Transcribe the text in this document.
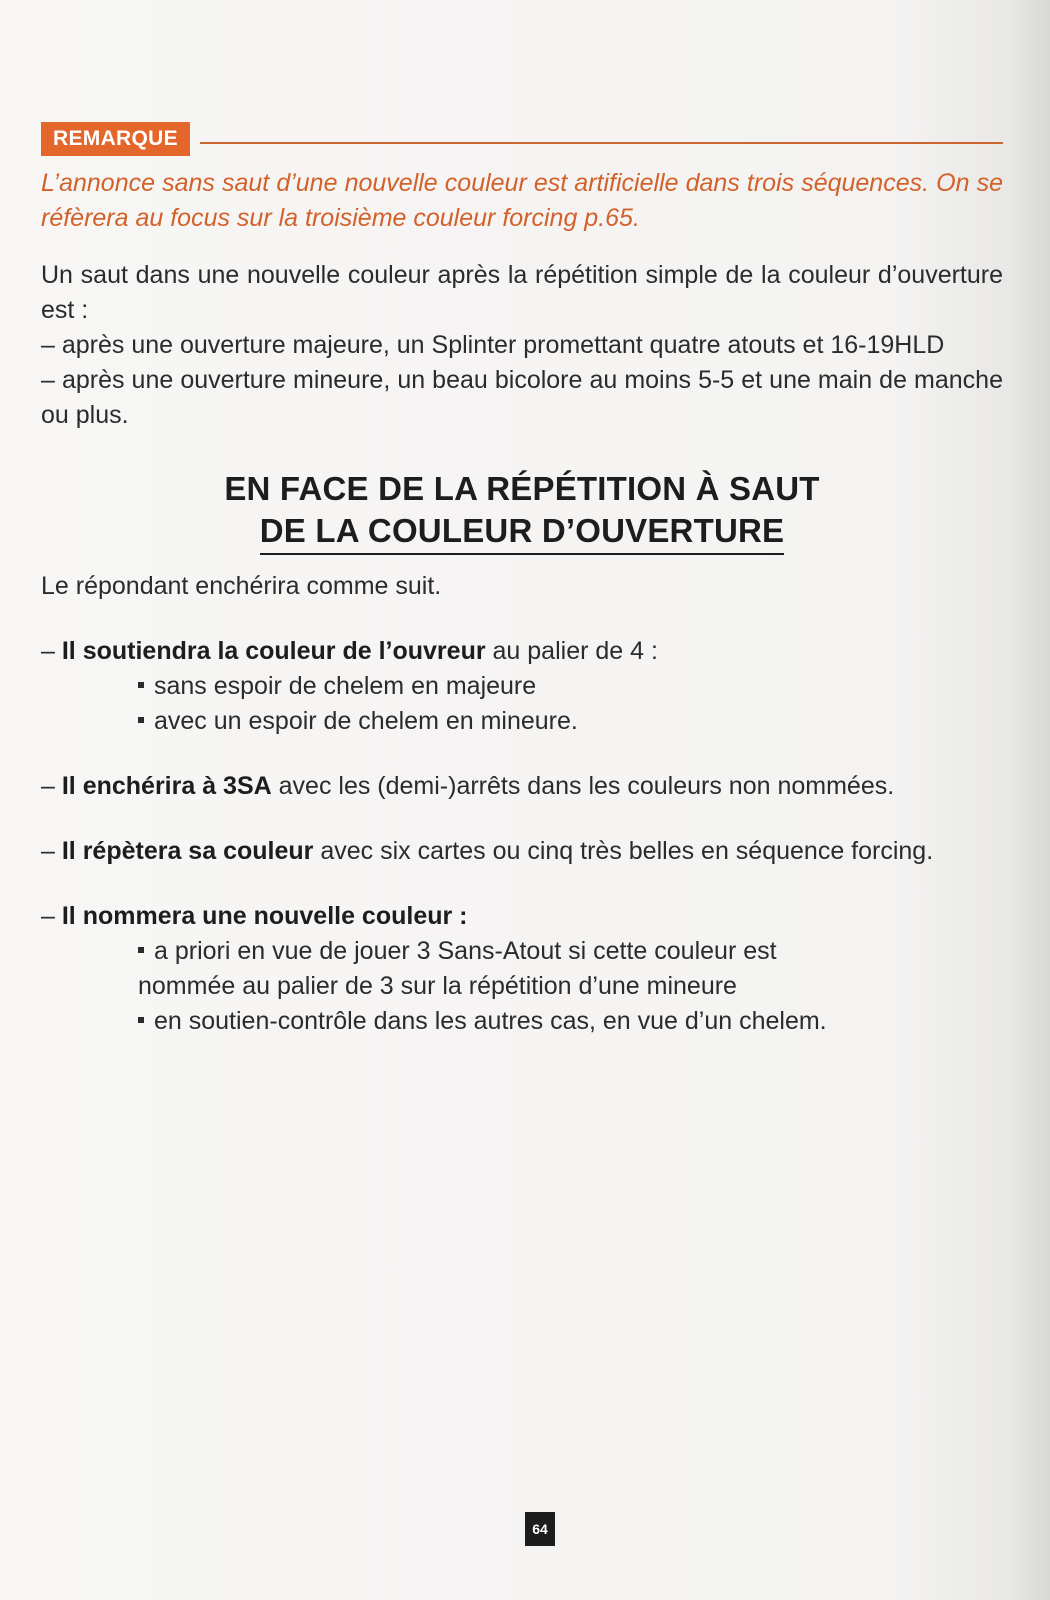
REMARQUE

L’annonce sans saut d’une nouvelle couleur est artificielle dans trois séquences. On se réfèrera au focus sur la troisième couleur forcing p.65.

Un saut dans une nouvelle couleur après la répétition simple de la couleur d’ouverture est :

– après une ouverture majeure, un Splinter promettant quatre atouts et 16-19HLD

– après une ouverture mineure, un beau bicolore au moins 5-5 et une main de manche ou plus.

EN FACE DE LA RÉPÉTITION À SAUT
DE LA COULEUR D’OUVERTURE

Le répondant enchérira comme suit.

– Il soutiendra la couleur de l’ouvreur au palier de 4 :

sans espoir de chelem en majeure

avec un espoir de chelem en mineure.

– Il enchérira à 3SA avec les (demi-)arrêts dans les couleurs non nommées.

– Il répètera sa couleur avec six cartes ou cinq très belles en séquence forcing.

– Il nommera une nouvelle couleur :

a priori en vue de jouer 3 Sans-Atout si cette couleur est

nommée au palier de 3 sur la répétition d’une mineure

en soutien-contrôle dans les autres cas, en vue d’un chelem.

64
